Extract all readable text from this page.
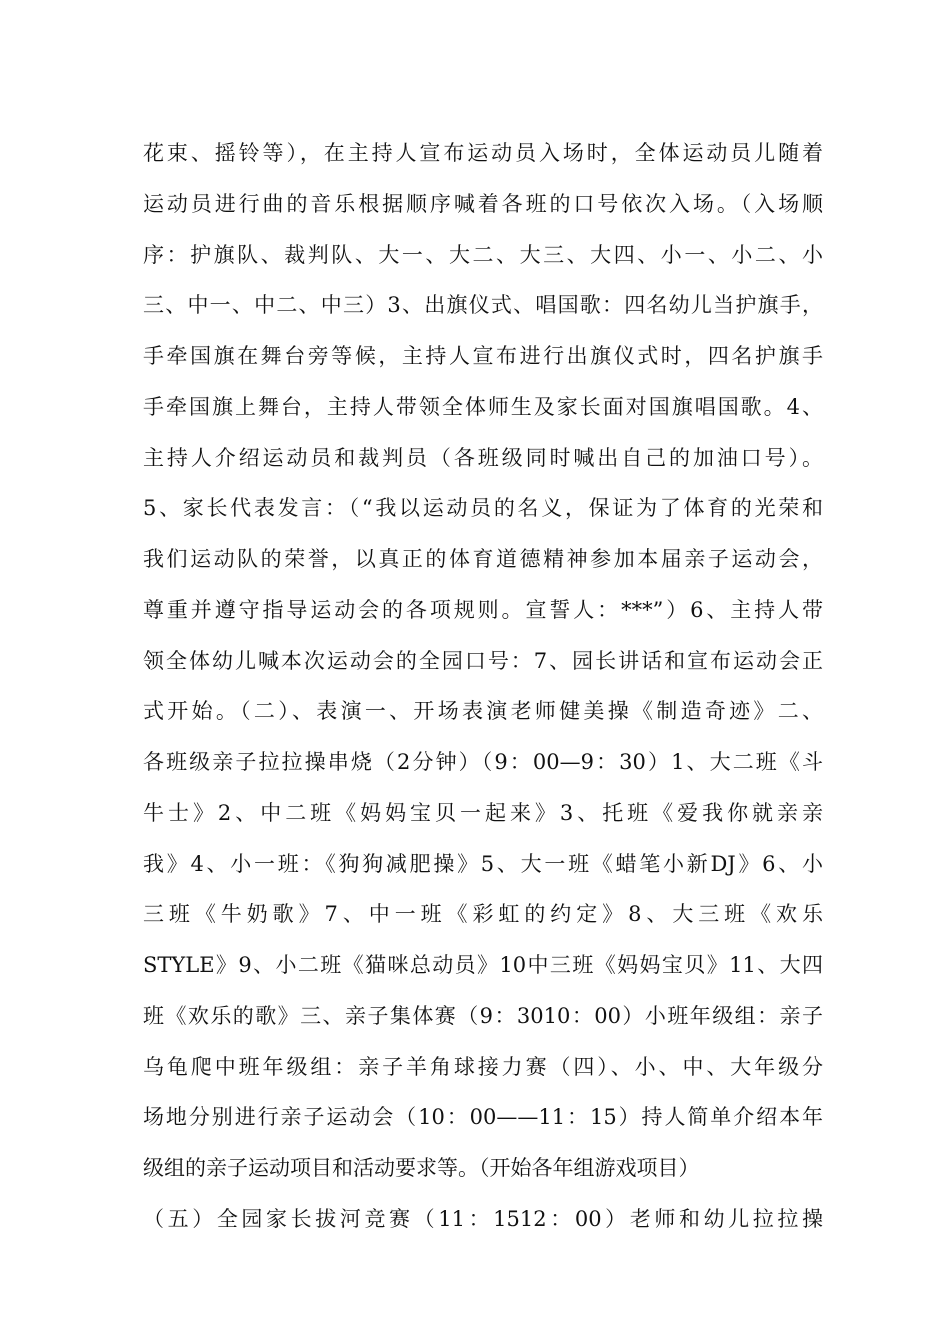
花束、摇铃等），在主持人宣布运动员入场时，全体运动员儿随着
运动员进行曲的音乐根据顺序喊着各班的口号依次入场。（入场顺
序：护旗队、裁判队、大一、大二、大三、大四、小一、小二、小
三、中一、中二、中三）3、出旗仪式、唱国歌：四名幼儿当护旗手，
手牵国旗在舞台旁等候，主持人宣布进行出旗仪式时，四名护旗手
手牵国旗上舞台，主持人带领全体师生及家长面对国旗唱国歌。4、
主持人介绍运动员和裁判员（各班级同时喊出自己的加油口号）。
5、家长代表发言：（“我以运动员的名义，保证为了体育的光荣和
我们运动队的荣誉，以真正的体育道德精神参加本届亲子运动会，
尊重并遵守指导运动会的各项规则。宣誓人：***”）6、主持人带
领全体幼儿喊本次运动会的全园口号：7、园长讲话和宣布运动会正
式开始。（二）、表演一、开场表演老师健美操《制造奇迹》二、
各班级亲子拉拉操串烧（2分钟）（9：00—9：30）1、大二班《斗
牛士》2、中二班《妈妈宝贝一起来》3、托班《爱我你就亲亲
我》4、小一班：《狗狗减肥操》5、大一班《蜡笔小新DJ》6、小
三班《牛奶歌》7、中一班《彩虹的约定》8、大三班《欢乐
STYLE》9、小二班《猫咪总动员》10中三班《妈妈宝贝》11、大四
班《欢乐的歌》三、亲子集体赛（9：3010：00）小班年级组：亲子
乌龟爬中班年级组：亲子羊角球接力赛（四）、小、中、大年级分
场地分别进行亲子运动会（10：00——11：15）持人简单介绍本年
级组的亲子运动项目和活动要求等。（开始各年组游戏项目）
（五）全园家长拔河竞赛（11：1512：00）老师和幼儿拉拉操
